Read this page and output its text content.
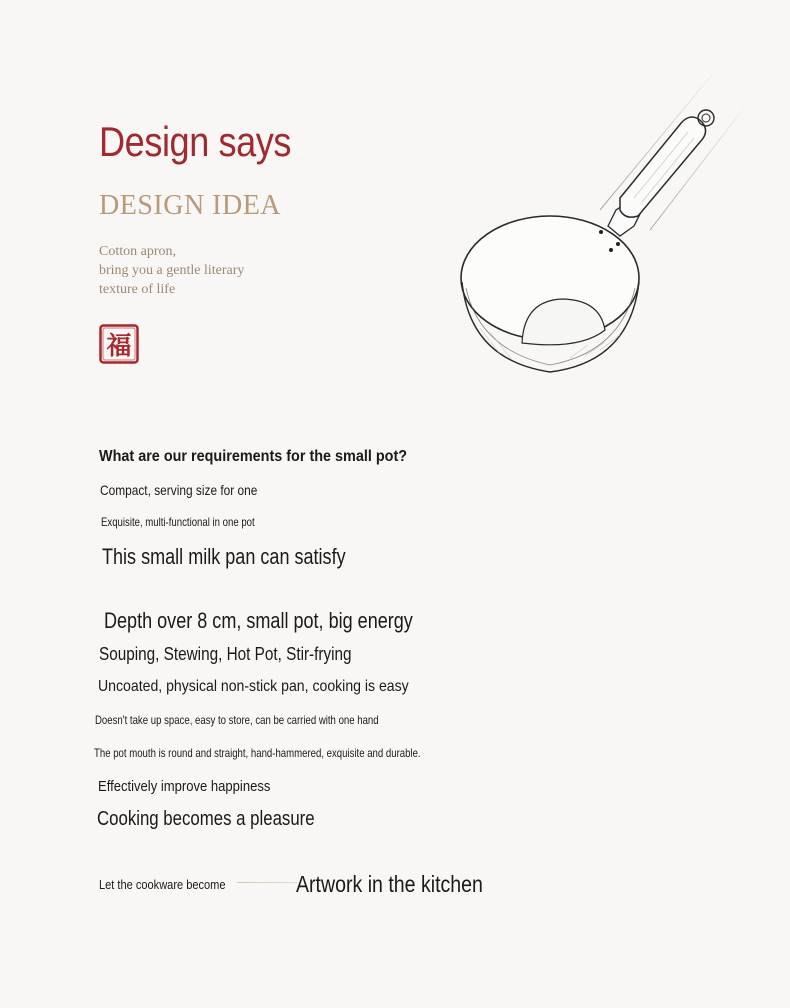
Design says
DESIGN IDEA
Cotton apron,
bring you a gentle literary
texture of life
福
What are our requirements for the small pot?
Compact, serving size for one
Exquisite, multi-functional in one pot
This small milk pan can satisfy
Depth over 8 cm, small pot, big energy
Souping, Stewing, Hot Pot, Stir-frying
Uncoated, physical non-stick pan, cooking is easy
Doesn't take up space, easy to store, can be carried with one hand
The pot mouth is round and straight, hand-hammered, exquisite and durable.
Effectively improve happiness
Cooking becomes a pleasure
Let the cookware become	Artwork in the kitchen
